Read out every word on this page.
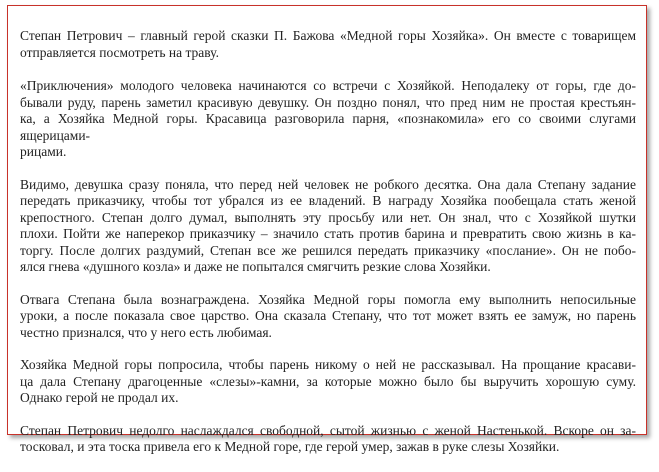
Степан Петрович – главный герой сказки П. Бажова «Медной горы Хозяйка». Он вместе с товарищем
отправляется посмотреть на траву.

«Приключения» молодого человека начинаются со встречи с Хозяйкой. Неподалеку от горы, где до-
бывали руду, парень заметил красивую девушку. Он поздно понял, что пред ним не простая крестьян-
ка, а Хозяйка Медной горы. Красавица разговорила парня, «познакомила» его со своими слугами ящерицами-
рицами.

Видимо, девушка сразу поняла, что перед ней человек не робкого десятка. Она дала Степану задание
передать приказчику, чтобы тот убрался из ее владений. В награду Хозяйка пообещала стать женой
крепостного. Степан долго думал, выполнять эту просьбу или нет. Он знал, что с Хозяйкой шутки
плохи. Пойти же наперекор приказчику – значило стать против барина и превратить свою жизнь в ка-
торгу. После долгих раздумий, Степан все же решился передать приказчику «послание». Он не побо-
ялся гнева «душного козла» и даже не попытался смягчить резкие слова Хозяйки.

Отвага Степана была вознаграждена. Хозяйка Медной горы помогла ему выполнить непосильные
уроки, а после показала свое царство. Она сказала Степану, что тот может взять ее замуж, но парень
честно признался, что у него есть любимая.

Хозяйка Медной горы попросила, чтобы парень никому о ней не рассказывал. На прощание красави-
ца дала Степану драгоценные «слезы»-камни, за которые можно было бы выручить хорошую суму.
Однако герой не продал их.

Степан Петрович недолго наслаждался свободной, сытой жизнью с женой Настенькой. Вскоре он за-
тосковал, и эта тоска привела его к Медной горе, где герой умер, зажав в руке слезы Хозяйки.
